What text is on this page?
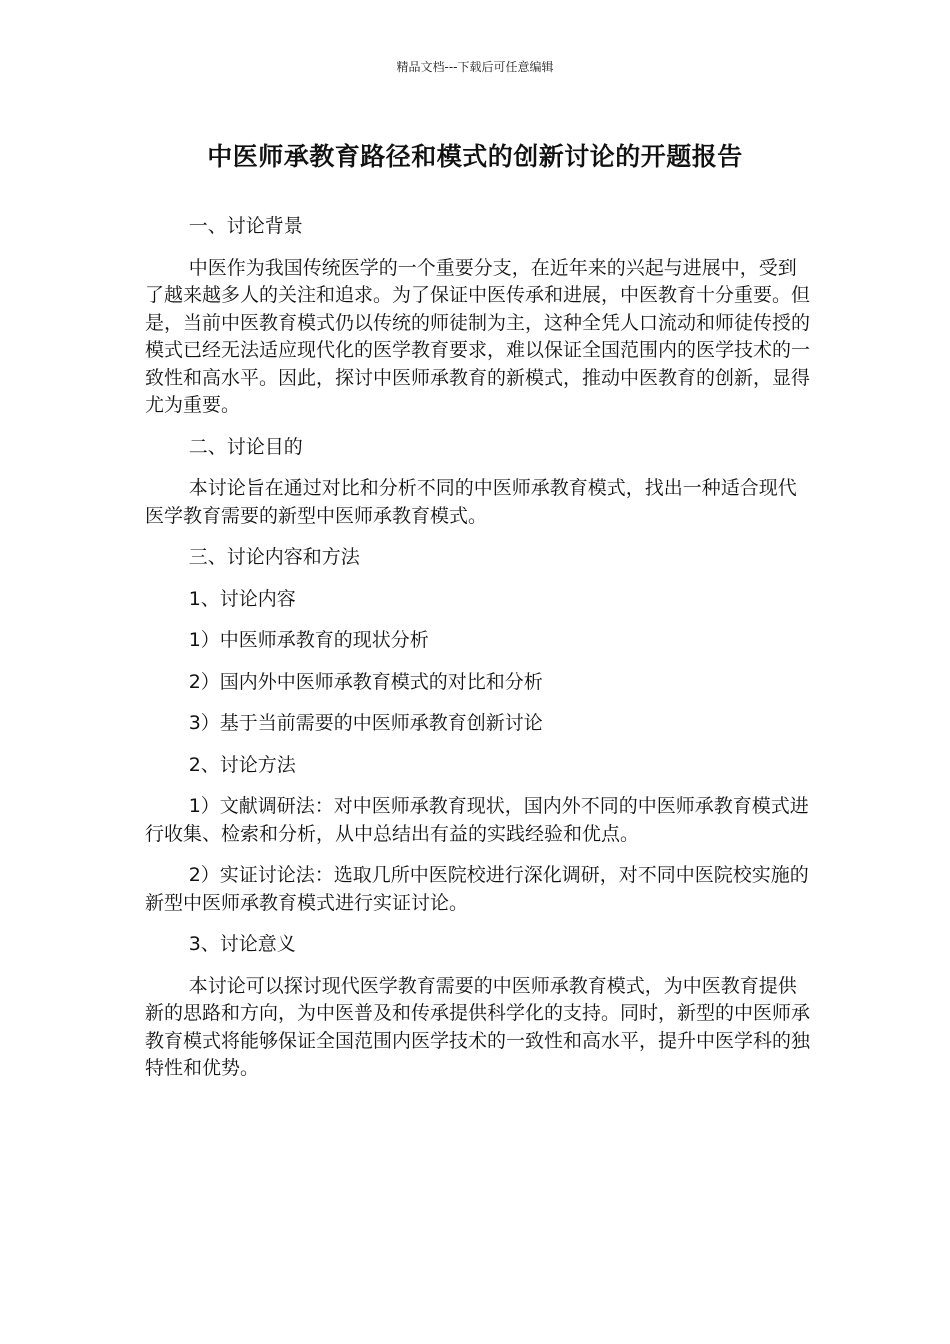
精品文档---下载后可任意编辑
中医师承教育路径和模式的创新讨论的开题报告

一、讨论背景

中医作为我国传统医学的一个重要分支，在近年来的兴起与进展中，受到了越来越多人的关注和追求。为了保证中医传承和进展，中医教育十分重要。但是，当前中医教育模式仍以传统的师徒制为主，这种全凭人口流动和师徒传授的模式已经无法适应现代化的医学教育要求，难以保证全国范围内的医学技术的一致性和高水平。因此，探讨中医师承教育的新模式，推动中医教育的创新，显得尤为重要。

二、讨论目的

本讨论旨在通过对比和分析不同的中医师承教育模式，找出一种适合现代医学教育需要的新型中医师承教育模式。

三、讨论内容和方法

1、讨论内容

1）中医师承教育的现状分析

2）国内外中医师承教育模式的对比和分析

3）基于当前需要的中医师承教育创新讨论

2、讨论方法

1）文献调研法：对中医师承教育现状，国内外不同的中医师承教育模式进行收集、检索和分析，从中总结出有益的实践经验和优点。

2）实证讨论法：选取几所中医院校进行深化调研，对不同中医院校实施的新型中医师承教育模式进行实证讨论。

3、讨论意义

本讨论可以探讨现代医学教育需要的中医师承教育模式，为中医教育提供新的思路和方向，为中医普及和传承提供科学化的支持。同时，新型的中医师承教育模式将能够保证全国范围内医学技术的一致性和高水平，提升中医学科的独特性和优势。
